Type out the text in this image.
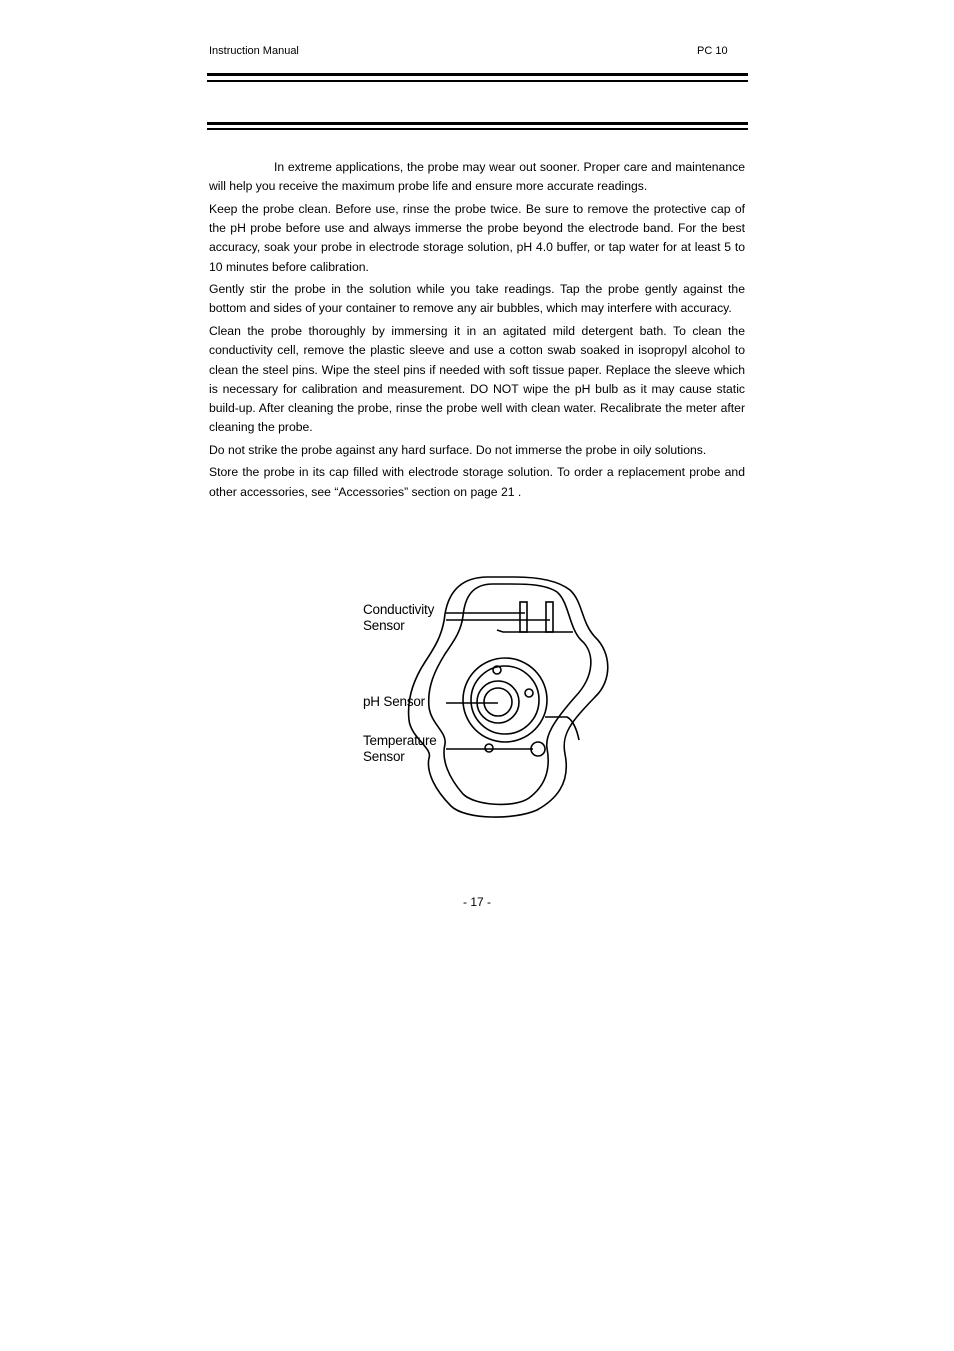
Instruction Manual	PC 10

In extreme applications, the probe may wear out sooner. Proper care and maintenance will help you receive the maximum probe life and ensure more accurate readings.

Keep the probe clean. Before use, rinse the probe twice. Be sure to remove the protective cap of the pH probe before use and always immerse the probe beyond the electrode band. For the best accuracy, soak your probe in electrode storage solution, pH 4.0 buffer, or tap water for at least 5 to 10 minutes before calibration.

Gently stir the probe in the solution while you take readings. Tap the probe gently against the bottom and sides of your container to remove any air bubbles, which may interfere with accuracy.

Clean the probe thoroughly by immersing it in an agitated mild detergent bath. To clean the conductivity cell, remove the plastic sleeve and use a cotton swab soaked in isopropyl alcohol to clean the steel pins. Wipe the steel pins if needed with soft tissue paper. Replace the sleeve which is necessary for calibration and measurement. DO NOT wipe the pH bulb as it may cause static build-up. After cleaning the probe, rinse the probe well with clean water. Recalibrate the meter after cleaning the probe.

Do not strike the probe against any hard surface. Do not immerse the probe in oily solutions.

Store the probe in its cap filled with electrode storage solution. To order a replacement probe and other accessories, see “Accessories” section on page 21 .

Conductivity
Sensor
pH Sensor
Temperature
Sensor
- 17 -
